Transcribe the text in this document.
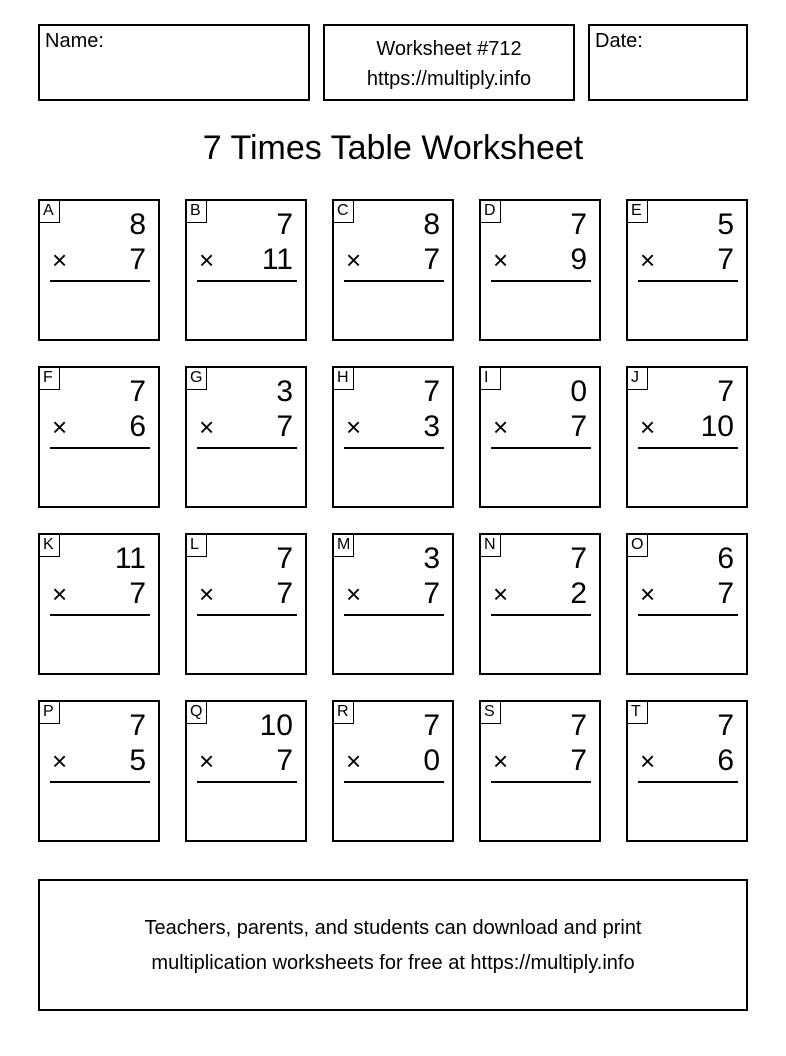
Name:	Worksheet #712
https://multiply.info
Date:
7 Times Table Worksheet
A	8
× 7
B	7
× 11
C 8
× 7
D 7
× 9
E	5
× 7
F	7
× 6
G 3
× 7
H 7
× 3
I	0
× 7
J	7
× 10
K 11
× 7
L	7
× 7
M 3
× 7
N 7
× 2
O 6
× 7
P	7
× 5
Q 10
× 7
R 7
× 0
S	7
× 7
T	7
× 6
Teachers, parents, and students can download and print
multiplication worksheets for free at https://multiply.info
